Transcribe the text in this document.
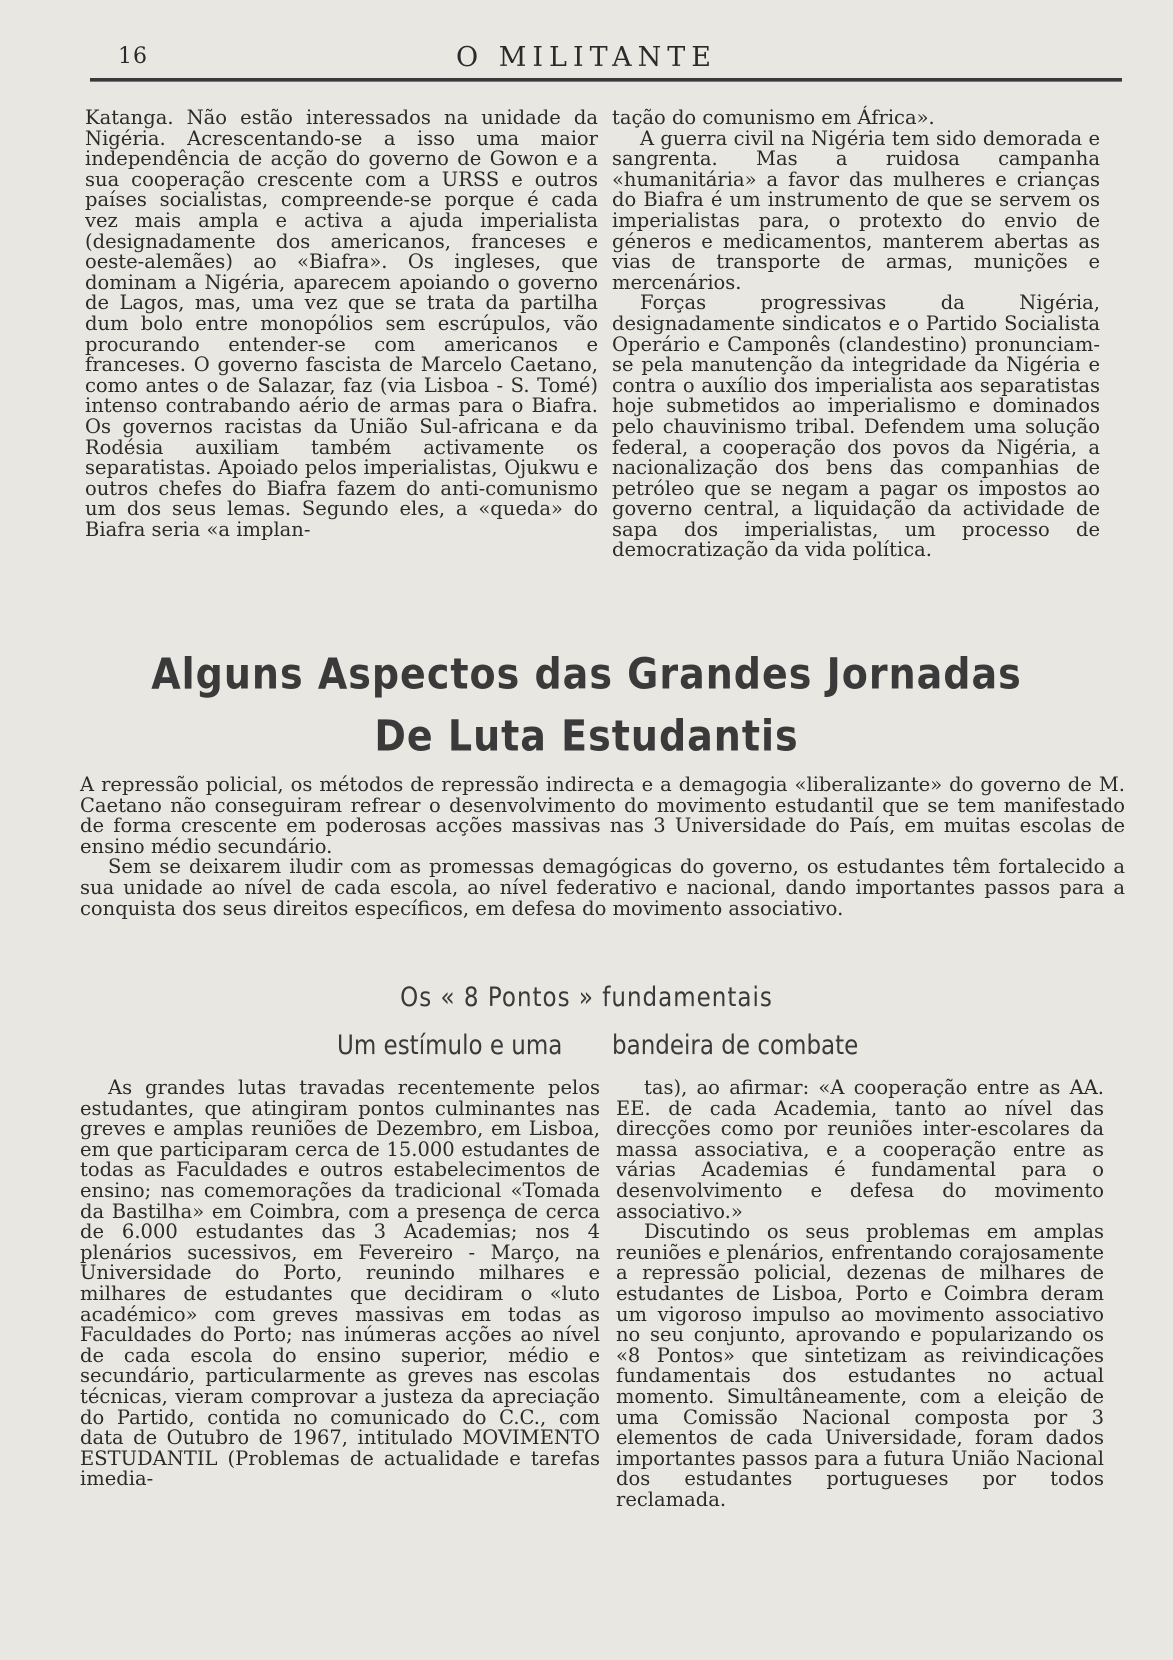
16	O MILITANTE

Katanga. Não estão interessados na unidade da Nigéria. Acrescentando-se a isso uma maior independência de acção do governo de Gowon e a sua cooperação crescente com a URSS e outros países socialistas, compreende-se porque é cada vez mais ampla e activa a ajuda imperialista (designadamente dos americanos, franceses e oeste-alemães) ao «Biafra». Os ingleses, que dominam a Nigéria, aparecem apoiando o governo de Lagos, mas, uma vez que se trata da partilha dum bolo entre monopólios sem escrúpulos, vão procurando entender-se com americanos e franceses. O governo fascista de Marcelo Caetano, como antes o de Salazar, faz (via Lisboa - S. Tomé) intenso contrabando aério de armas para o Biafra. Os governos racistas da União Sul-africana e da Rodésia auxiliam também activamente os separatistas. Apoiado pelos imperialistas, Ojukwu e outros chefes do Biafra fazem do anti-comunismo um dos seus lemas. Segundo eles, a «queda» do Biafra seria «a implan-

tação do comunismo em África».

A guerra civil na Nigéria tem sido demorada e sangrenta. Mas a ruidosa campanha «humanitária» a favor das mulheres e crianças do Biafra é um instrumento de que se servem os imperialistas para, o protexto do envio de géneros e medicamentos, manterem abertas as vias de transporte de armas, munições e mercenários.

Forças progressivas da Nigéria, designadamente sindicatos e o Partido Socialista Operário e Camponês (clandestino) pronunciam-se pela manutenção da integridade da Nigéria e contra o auxílio dos imperialista aos separatistas hoje submetidos ao imperialismo e dominados pelo chauvinismo tribal. Defendem uma solução federal, a cooperação dos povos da Nigéria, a nacionalização dos bens das companhias de petróleo que se negam a pagar os impostos ao governo central, a liquidação da actividade de sapa dos imperialistas, um processo de democratização da vida política.

Alguns Aspectos das Grandes Jornadas
De Luta Estudantis

A repressão policial, os métodos de repressão indirecta e a demagogia «liberalizante» do governo de M. Caetano não conseguiram refrear o desenvolvimento do movimento estudantil que se tem manifestado de forma crescente em poderosas acções massivas nas 3 Universidade do País, em muitas escolas de ensino médio secundário.

Sem se deixarem iludir com as promessas demagógicas do governo, os estudantes têm fortalecido a sua unidade ao nível de cada escola, ao nível federativo e nacional, dando importantes passos para a conquista dos seus direitos específicos, em defesa do movimento associativo.

Os « 8 Pontos » fundamentais
Um estímulo e uma bandeira de combate

As grandes lutas travadas recentemente pelos estudantes, que atingiram pontos culminantes nas greves e amplas reuniões de Dezembro, em Lisboa, em que participaram cerca de 15.000 estudantes de todas as Faculdades e outros estabelecimentos de ensino; nas comemorações da tradicional «Tomada da Bastilha» em Coimbra, com a presença de cerca de 6.000 estudantes das 3 Academias; nos 4 plenários sucessivos, em Fevereiro - Março, na Universidade do Porto, reunindo milhares e milhares de estudantes que decidiram o «luto académico» com greves massivas em todas as Faculdades do Porto; nas inúmeras acções ao nível de cada escola do ensino superior, médio e secundário, particularmente as greves nas escolas técnicas, vieram comprovar a justeza da apreciação do Partido, contida no comunicado do C.C., com data de Outubro de 1967, intitulado MOVIMENTO ESTUDANTIL (Problemas de actualidade e tarefas imedia-

tas), ao afirmar: «A cooperação entre as AA. EE. de cada Academia, tanto ao nível das direcções como por reuniões inter-escolares da massa associativa, e a cooperação entre as várias Academias é fundamental para o desenvolvimento e defesa do movimento associativo.»

Discutindo os seus problemas em amplas reuniões e plenários, enfrentando corajosamente a repressão policial, dezenas de milhares de estudantes de Lisboa, Porto e Coimbra deram um vigoroso impulso ao movimento associativo no seu conjunto, aprovando e popularizando os «8 Pontos» que sintetizam as reivindicações fundamentais dos estudantes no actual momento. Simultâneamente, com a eleição de uma Comissão Nacional composta por 3 elementos de cada Universidade, foram dados importantes passos para a futura União Nacional dos estudantes portugueses por todos reclamada.
